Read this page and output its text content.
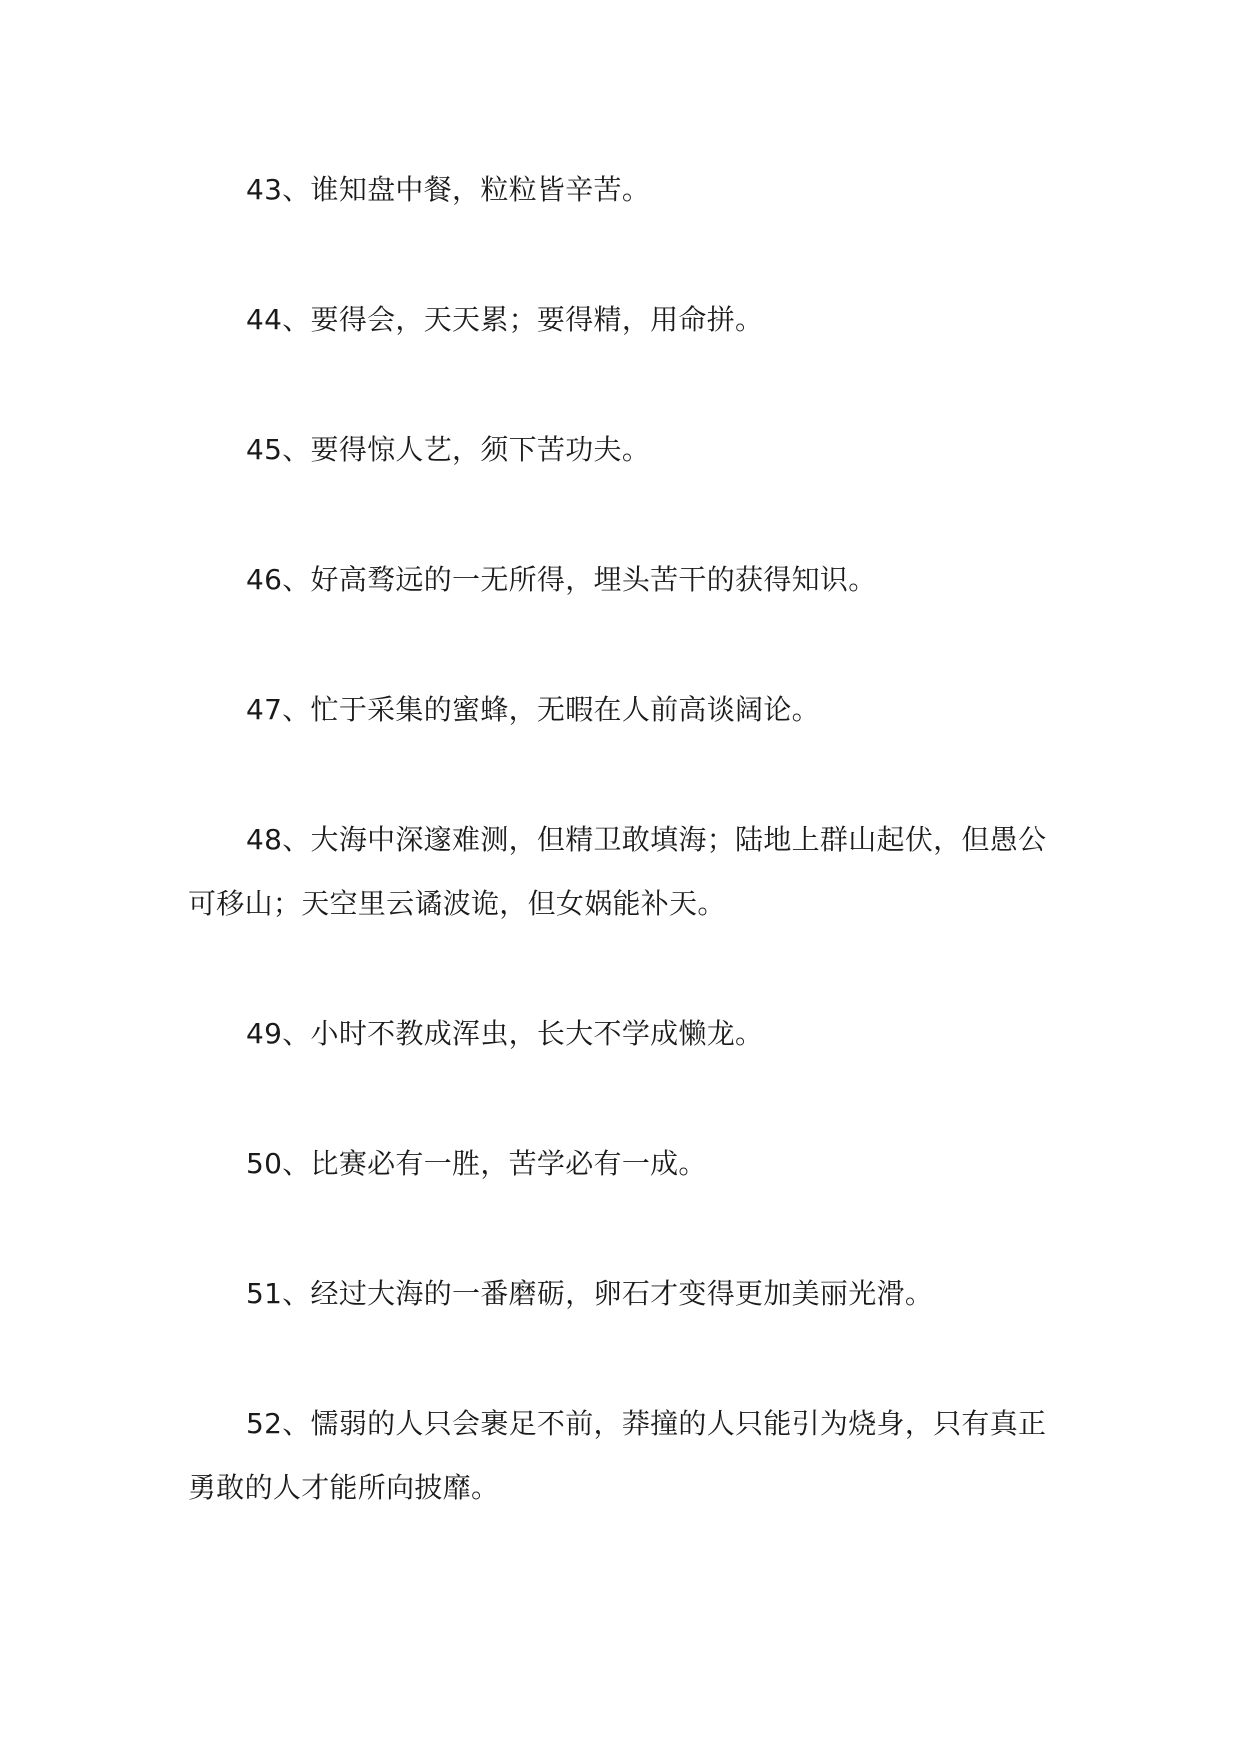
43、谁知盘中餐，粒粒皆辛苦。

44、要得会，天天累；要得精，用命拼。

45、要得惊人艺，须下苦功夫。

46、好高骛远的一无所得，埋头苦干的获得知识。

47、忙于采集的蜜蜂，无暇在人前高谈阔论。

48、大海中深邃难测，但精卫敢填海；陆地上群山起伏，但愚公可移山；天空里云谲波诡，但女娲能补天。

49、小时不教成浑虫，长大不学成懒龙。

50、比赛必有一胜，苦学必有一成。

51、经过大海的一番磨砺，卵石才变得更加美丽光滑。

52、懦弱的人只会裹足不前，莽撞的人只能引为烧身，只有真正勇敢的人才能所向披靡。
